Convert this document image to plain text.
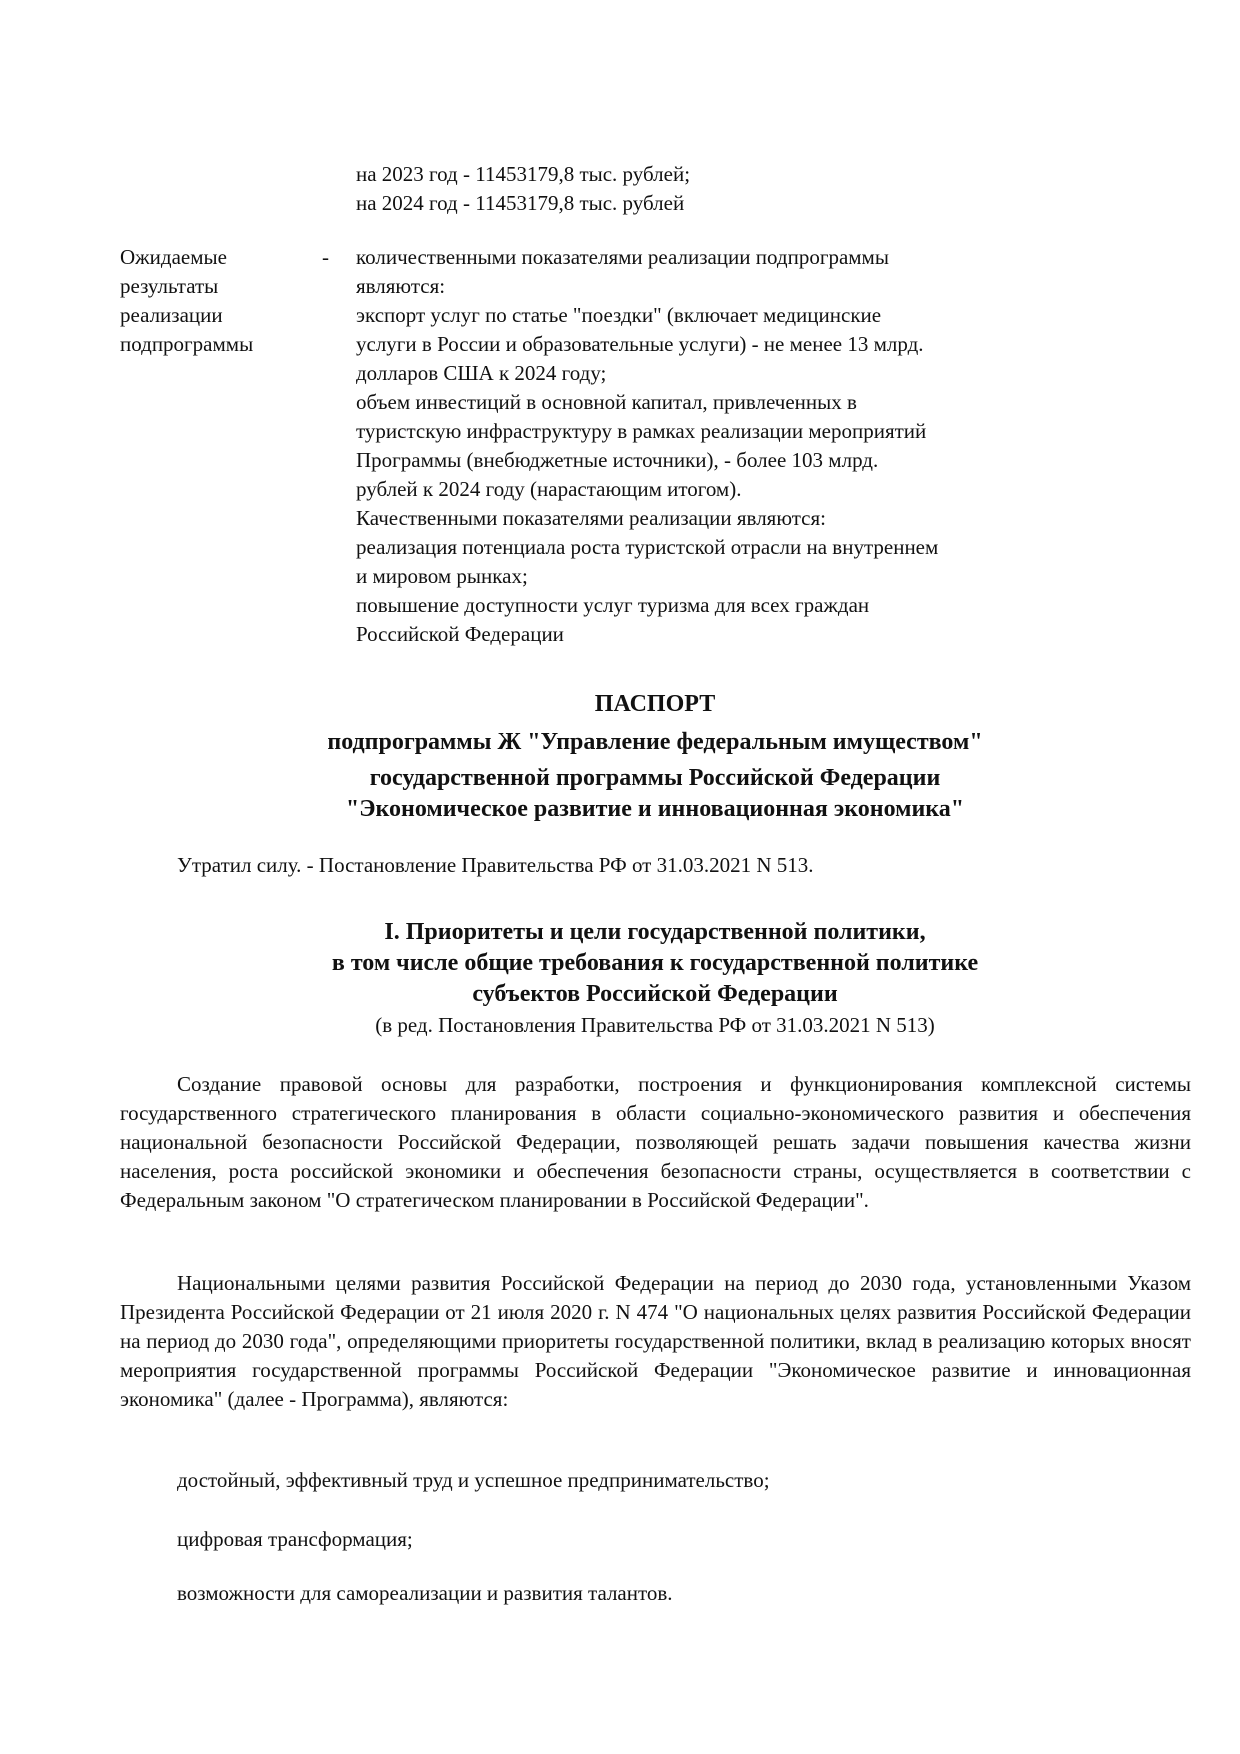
на 2023 год - 11453179,8 тыс. рублей;
на 2024 год - 11453179,8 тыс. рублей
Ожидаемые
результаты
реализации
подпрограммы
- количественными показателями реализации подпрограммы
являются:
экспорт услуг по статье "поездки" (включает медицинские
услуги в России и образовательные услуги) - не менее 13 млрд.
долларов США к 2024 году;
объем инвестиций в основной капитал, привлеченных в
туристскую инфраструктуру в рамках реализации мероприятий
Программы (внебюджетные источники), - более 103 млрд.
рублей к 2024 году (нарастающим итогом).
Качественными показателями реализации являются:
реализация потенциала роста туристской отрасли на внутреннем
и мировом рынках;
повышение доступности услуг туризма для всех граждан
Российской Федерации
ПАСПОРТ
подпрограммы Ж "Управление федеральным имуществом"
государственной программы Российской Федерации
"Экономическое развитие и инновационная экономика"
Утратил силу. - Постановление Правительства РФ от 31.03.2021 N 513.
I. Приоритеты и цели государственной политики,
в том числе общие требования к государственной политике
субъектов Российской Федерации
(в ред. Постановления Правительства РФ от 31.03.2021 N 513)

Создание правовой основы для разработки, построения и функционирования комплексной системы государственного стратегического планирования в области социально-экономического развития и обеспечения национальной безопасности Российской Федерации, позволяющей решать задачи повышения качества жизни населения, роста российской экономики и обеспечения безопасности страны, осуществляется в соответствии с Федеральным законом "О стратегическом планировании в Российской Федерации".

Национальными целями развития Российской Федерации на период до 2030 года, установленными Указом Президента Российской Федерации от 21 июля 2020 г. N 474 "О национальных целях развития Российской Федерации на период до 2030 года", определяющими приоритеты государственной политики, вклад в реализацию которых вносят мероприятия государственной программы Российской Федерации "Экономическое развитие и инновационная экономика" (далее - Программа), являются:

достойный, эффективный труд и успешное предпринимательство;
цифровая трансформация;
возможности для самореализации и развития талантов.
